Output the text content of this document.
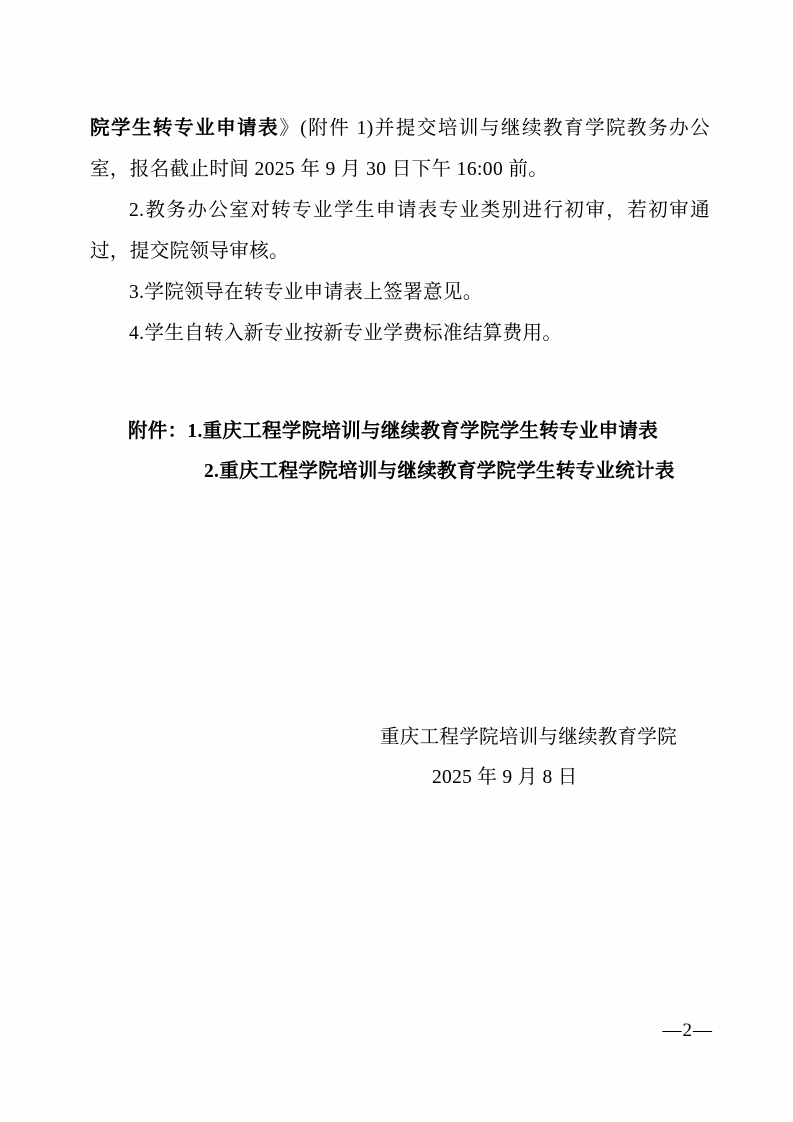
院学生转专业申请表》(附件 1)并提交培训与继续教育学院教务办公室，报名截止时间 2025 年 9 月 30 日下午 16:00 前。

2.教务办公室对转专业学生申请表专业类别进行初审，若初审通过，提交院领导审核。

3.学院领导在转专业申请表上签署意见。

4.学生自转入新专业按新专业学费标准结算费用。

附件：1.重庆工程学院培训与继续教育学院学生转专业申请表

2.重庆工程学院培训与继续教育学院学生转专业统计表

重庆工程学院培训与继续教育学院

2025 年 9 月 8 日

—2—
